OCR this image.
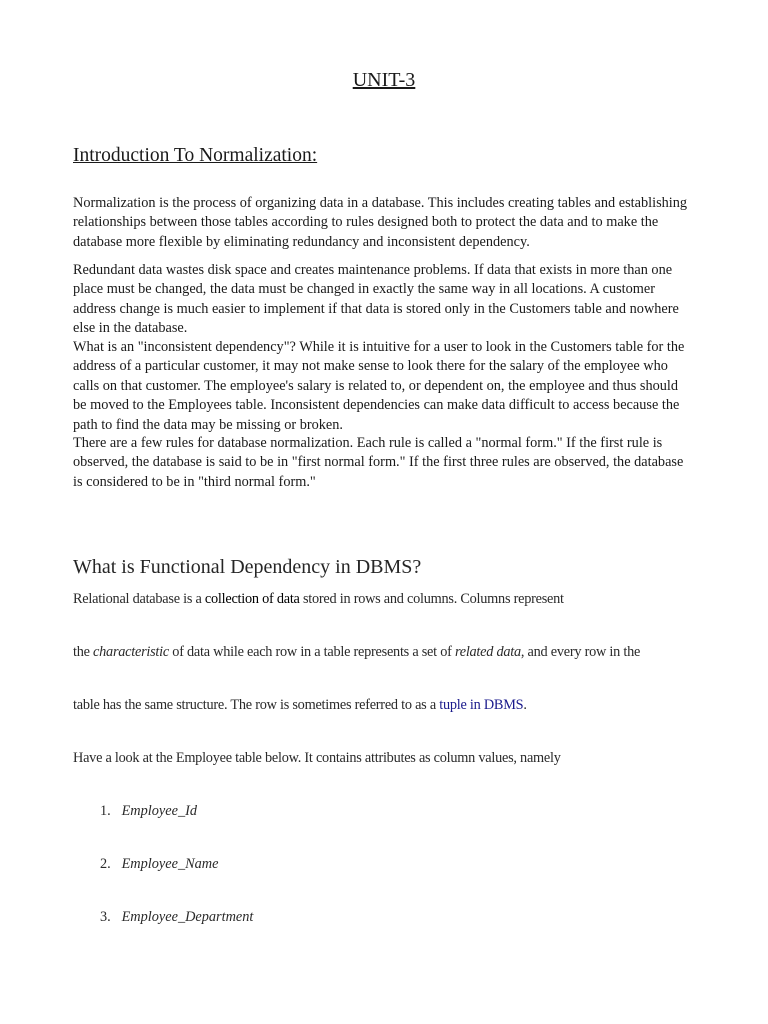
UNIT-3
Introduction To Normalization:

Normalization is the process of organizing data in a database. This includes creating tables and establishing relationships between those tables according to rules designed both to protect the data and to make the database more flexible by eliminating redundancy and inconsistent dependency.

Redundant data wastes disk space and creates maintenance problems. If data that exists in more than one place must be changed, the data must be changed in exactly the same way in all locations. A customer address change is much easier to implement if that data is stored only in the Customers table and nowhere else in the database.

What is an "inconsistent dependency"? While it is intuitive for a user to look in the Customers table for the address of a particular customer, it may not make sense to look there for the salary of the employee who calls on that customer. The employee's salary is related to, or dependent on, the employee and thus should be moved to the Employees table. Inconsistent dependencies can make data difficult to access because the path to find the data may be missing or broken.

There are a few rules for database normalization. Each rule is called a "normal form." If the first rule is observed, the database is said to be in "first normal form." If the first three rules are observed, the database is considered to be in "third normal form."

What is Functional Dependency in DBMS?

Relational database is a collection of data stored in rows and columns. Columns represent

the characteristic of data while each row in a table represents a set of related data, and every row in the

table has the same structure. The row is sometimes referred to as a tuple in DBMS.

Have a look at the Employee table below. It contains attributes as column values, namely

1. Employee_Id

2. Employee_Name

3. Employee_Department
